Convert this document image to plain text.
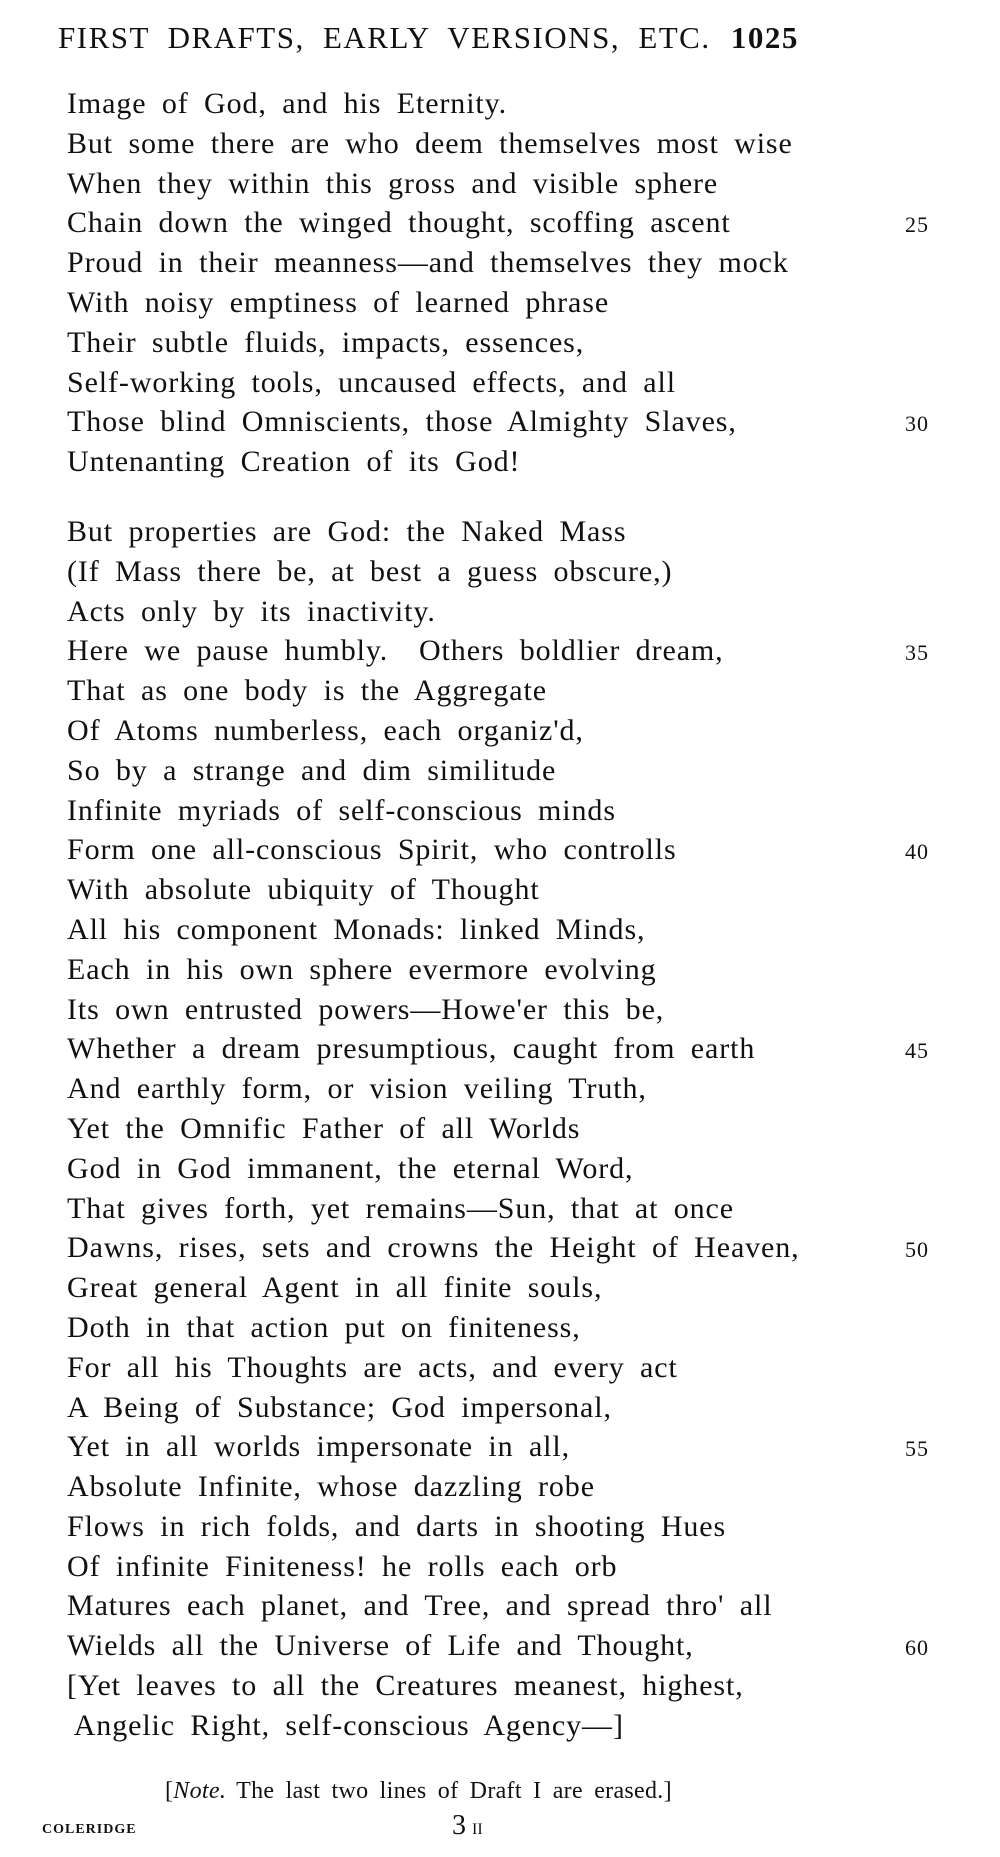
FIRST DRAFTS, EARLY VERSIONS, ETC. 1025
Image of God, and his Eternity.
But some there are who deem themselves most wise
When they within this gross and visible sphere
Chain down the winged thought, scoffing ascent	25
Proud in their meanness—and themselves they mock
With noisy emptiness of learned phrase
Their subtle fluids, impacts, essences,
Self-working tools, uncaused effects, and all
Those blind Omniscients, those Almighty Slaves,	30
Untenanting Creation of its God!
But properties are God: the Naked Mass
(If Mass there be, at best a guess obscure,)
Acts only by its inactivity.
Here we pause humbly.  Others boldlier dream,	35
That as one body is the Aggregate
Of Atoms numberless, each organiz'd,
So by a strange and dim similitude
Infinite myriads of self-conscious minds
Form one all-conscious Spirit, who controlls	40
With absolute ubiquity of Thought
All his component Monads: linked Minds,
Each in his own sphere evermore evolving
Its own entrusted powers—Howe'er this be,
Whether a dream presumptious, caught from earth	45
And earthly form, or vision veiling Truth,
Yet the Omnific Father of all Worlds
God in God immanent, the eternal Word,
That gives forth, yet remains—Sun, that at once
Dawns, rises, sets and crowns the Height of Heaven,	50
Great general Agent in all finite souls,
Doth in that action put on finiteness,
For all his Thoughts are acts, and every act
A Being of Substance; God impersonal,
Yet in all worlds impersonate in all,	55
Absolute Infinite, whose dazzling robe
Flows in rich folds, and darts in shooting Hues
Of infinite Finiteness! he rolls each orb
Matures each planet, and Tree, and spread thro' all
Wields all the Universe of Life and Thought,	60
[Yet leaves to all the Creatures meanest, highest,
Angelic Right, self-conscious Agency—]
[Note. The last two lines of Draft I are erased.]
COLERIDGE	3 II
